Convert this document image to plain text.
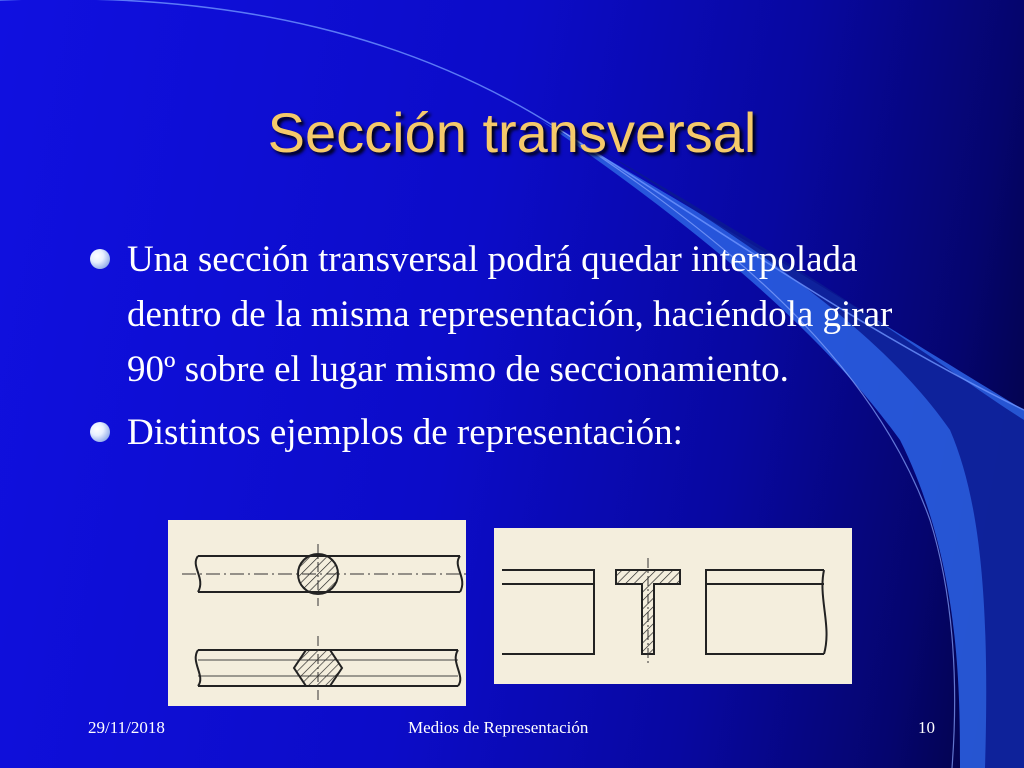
Sección transversal
Una sección transversal podrá quedar interpolada dentro de la misma representación, haciéndola girar 90º sobre el lugar mismo de seccionamiento.
Distintos ejemplos de representación:
29/11/2018	Medios de Representación	10
